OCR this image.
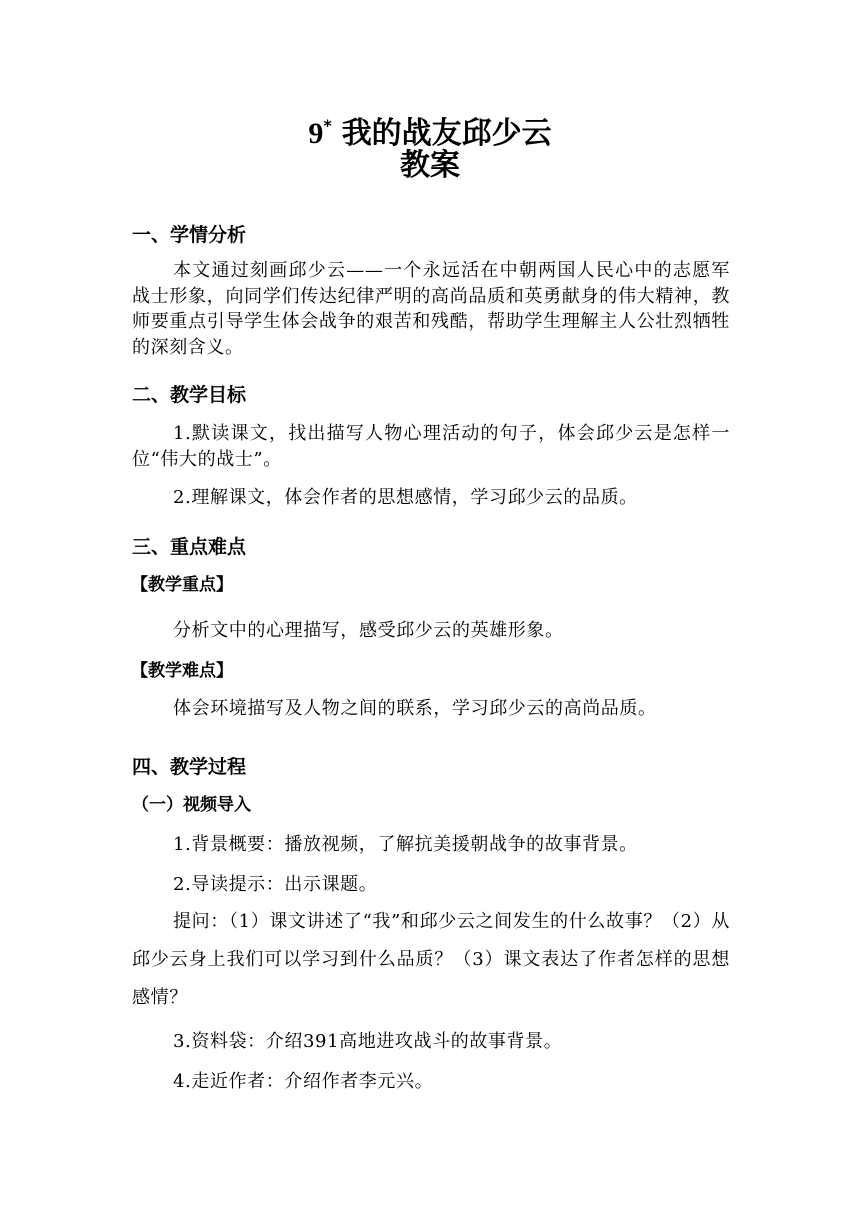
9* 我的战友邱少云
教案
一、学情分析
本文通过刻画邱少云——一个永远活在中朝两国人民心中的志愿军战士形象，向同学们传达纪律严明的高尚品质和英勇献身的伟大精神，教师要重点引导学生体会战争的艰苦和残酷，帮助学生理解主人公壮烈牺牲的深刻含义。
二、教学目标
1.默读课文，找出描写人物心理活动的句子，体会邱少云是怎样一位“伟大的战士”。
2.理解课文，体会作者的思想感情，学习邱少云的品质。
三、重点难点
【教学重点】
分析文中的心理描写，感受邱少云的英雄形象。
【教学难点】
体会环境描写及人物之间的联系，学习邱少云的高尚品质。
四、教学过程
（一）视频导入
1.背景概要：播放视频，了解抗美援朝战争的故事背景。
2.导读提示：出示课题。
提问：（1）课文讲述了“我”和邱少云之间发生的什么故事？（2）从邱少云身上我们可以学习到什么品质？（3）课文表达了作者怎样的思想感情？
3.资料袋：介绍391高地进攻战斗的故事背景。
4.走近作者：介绍作者李元兴。
